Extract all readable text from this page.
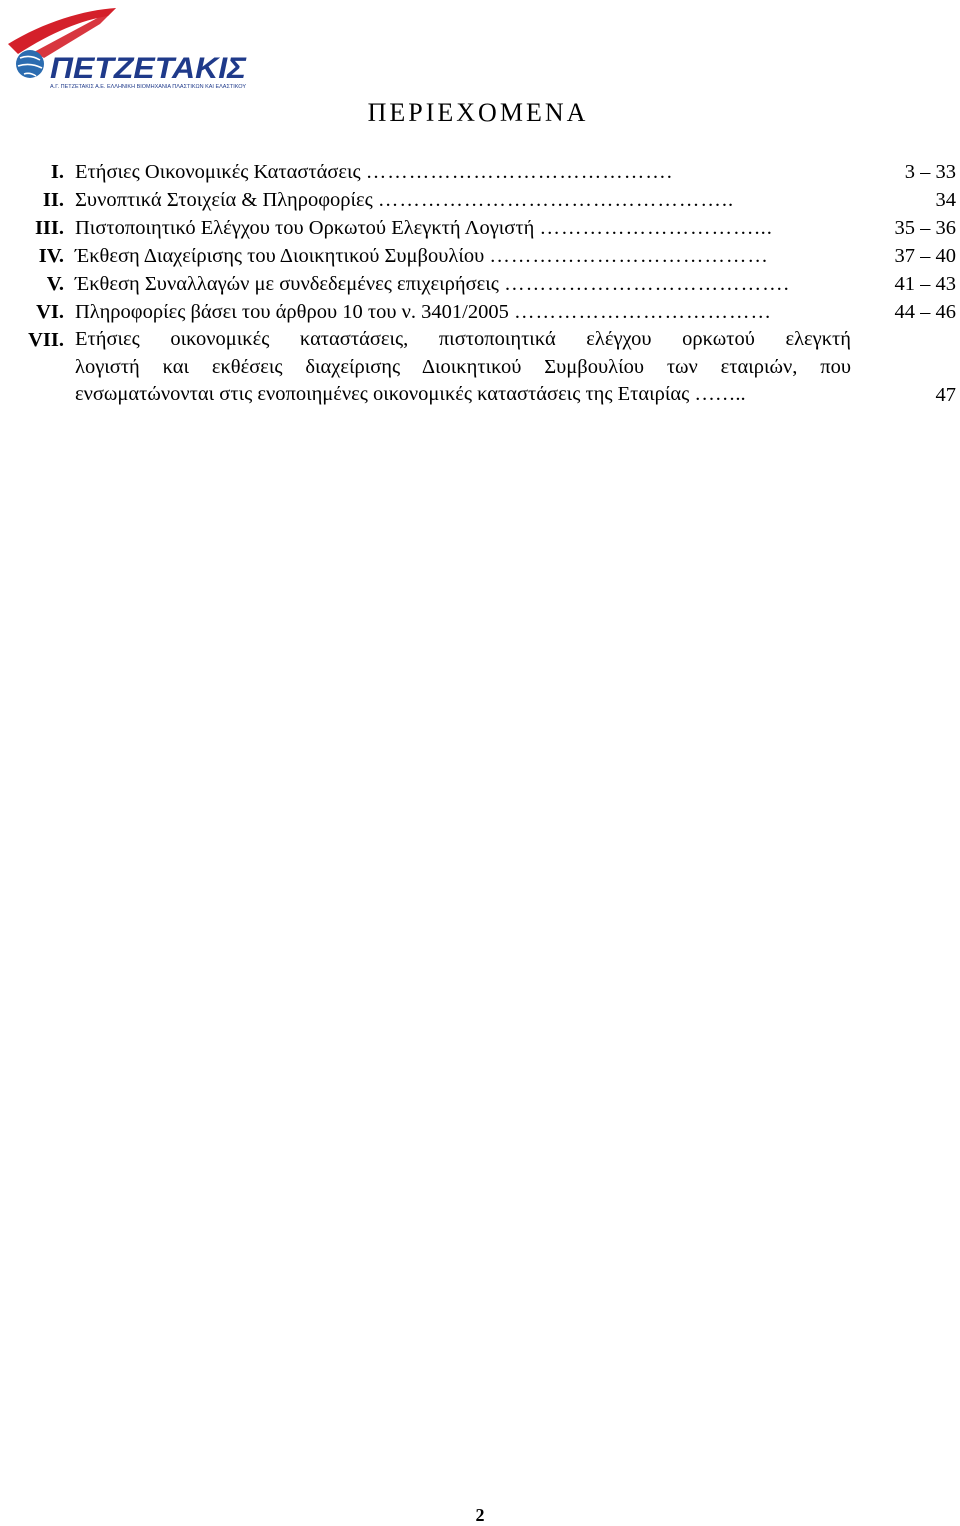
ΠΕΤΖΕΤΑΚΙΣ
Α.Γ. ΠΕΤΖΕΤΑΚΙΣ Α.Ε. ΕΛΛΗΝΙΚΗ ΒΙΟΜΗΧΑΝΙΑ ΠΛΑΣΤΙΚΩΝ ΚΑΙ ΕΛΑΣΤΙΚΟΥ
ΠΕΡΙΕΧΟΜΕΝΑ
I. Ετήσιες Οικονομικές Καταστάσεις …………………………………….	3 – 33
II. Συνοπτικά Στοιχεία & Πληροφορίες …………………………………………..	34
III. Πιστοποιητικό Ελέγχου του Ορκωτού Ελεγκτή Λογιστή …………………………...	35 – 36
IV. Έκθεση Διαχείρισης του Διοικητικού Συμβουλίου …………………………………	37 – 40
V. Έκθεση Συναλλαγών με συνδεδεμένες επιχειρήσεις ………………………………….	41 – 43
VI. Πληροφορίες βάσει του άρθρου 10 του ν. 3401/2005 ………………………………	44 – 46
VII. Ετήσιες οικονομικές καταστάσεις, πιστοποιητικά ελέγχου ορκωτού ελεγκτή
λογιστή και εκθέσεις διαχείρισης Διοικητικού Συμβουλίου των εταιριών, που
ενσωματώνονται στις ενοποιημένες οικονομικές καταστάσεις της Εταιρίας ……..	47
2
